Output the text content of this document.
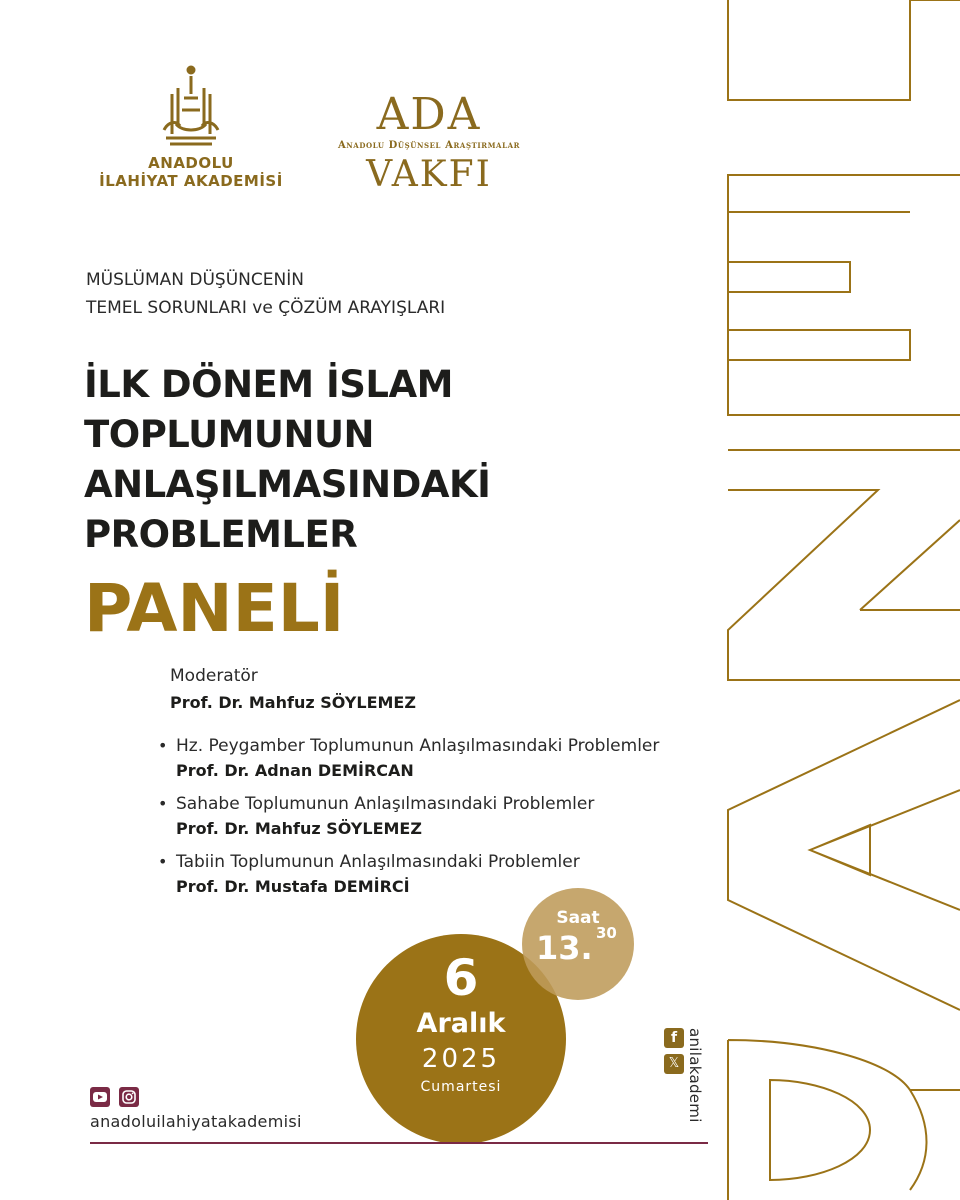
ANADOLU
İLAHİYAT AKADEMİSİ
ADA
Anadolu Düşünsel Araştırmalar
VAKFI
MÜSLÜMAN DÜŞÜNCENİN
TEMEL SORUNLARI ve ÇÖZÜM ARAYIŞLARI
İLK DÖNEM İSLAM
TOPLUMUNUN
ANLAŞILMASINDAKİ
PROBLEMLER
PANELİ
Moderatör
Prof. Dr. Mahfuz SÖYLEMEZ
• Hz. Peygamber Toplumunun Anlaşılmasındaki Problemler
Prof. Dr. Adnan DEMİRCAN
• Sahabe Toplumunun Anlaşılmasındaki Problemler
Prof. Dr. Mahfuz SÖYLEMEZ
• Tabiin Toplumunun Anlaşılmasındaki Problemler
Prof. Dr. Mustafa DEMİRCİ
6
Aralık
2025
Cumartesi
Saat
13. 30

anadoluilahiyatakademisi
f
𝕏 anilakademi
